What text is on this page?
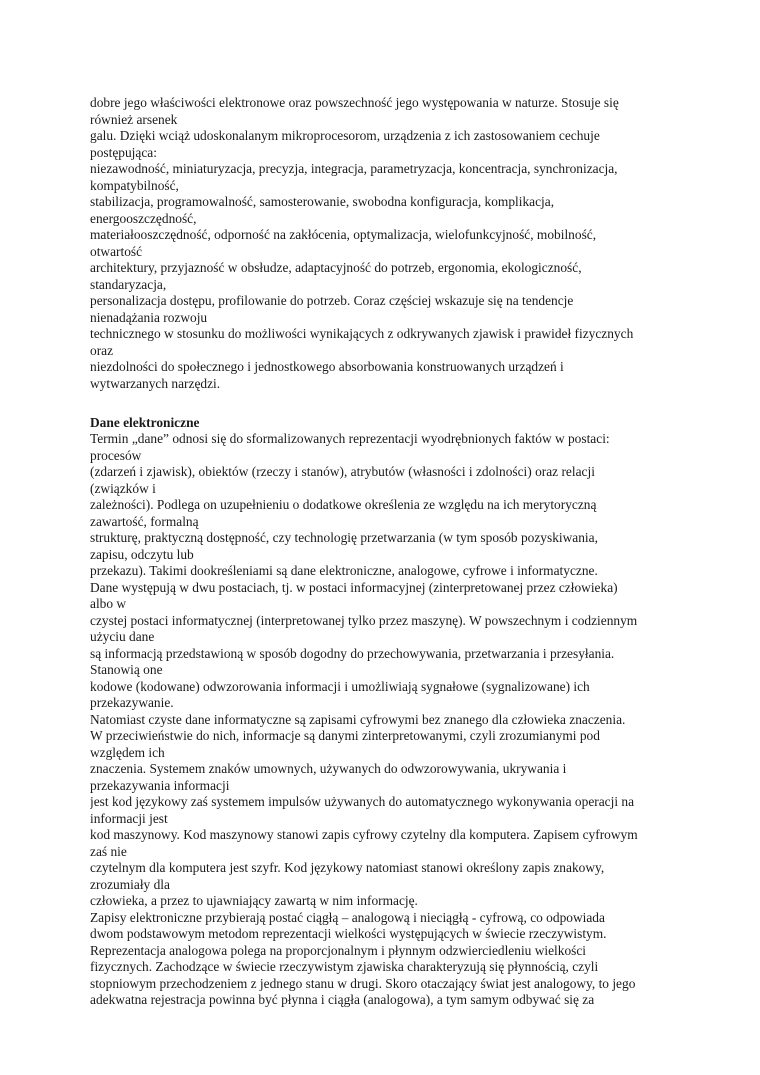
dobre jego właściwości elektronowe oraz powszechność jego występowania w naturze. Stosuje się
również arsenek
galu. Dzięki wciąż udoskonalanym mikroprocesorom, urządzenia z ich zastosowaniem cechuje
postępująca:
niezawodność, miniaturyzacja, precyzja, integracja, parametryzacja, koncentracja, synchronizacja,
kompatybilność,
stabilizacja, programowalność, samosterowanie, swobodna konfiguracja, komplikacja,
energooszczędność,
materiałooszczędność, odporność na zakłócenia, optymalizacja, wielofunkcyjność, mobilność,
otwartość
architektury, przyjazność w obsłudze, adaptacyjność do potrzeb, ergonomia, ekologiczność,
standaryzacja,
personalizacja dostępu, profilowanie do potrzeb. Coraz częściej wskazuje się na tendencje
nienadążania rozwoju
technicznego w stosunku do możliwości wynikających z odkrywanych zjawisk i prawideł fizycznych
oraz
niezdolności do społecznego i jednostkowego absorbowania konstruowanych urządzeń i
wytwarzanych narzędzi.
Dane elektroniczne
Termin „dane” odnosi się do sformalizowanych reprezentacji wyodrębnionych faktów w postaci:
procesów
(zdarzeń i zjawisk), obiektów (rzeczy i stanów), atrybutów (własności i zdolności) oraz relacji
(związków i
zależności). Podlega on uzupełnieniu o dodatkowe określenia ze względu na ich merytoryczną
zawartość, formalną
strukturę, praktyczną dostępność, czy technologię przetwarzania (w tym sposób pozyskiwania,
zapisu, odczytu lub
przekazu). Takimi dookreśleniami są dane elektroniczne, analogowe, cyfrowe i informatyczne.
Dane występują w dwu postaciach, tj. w postaci informacyjnej (zinterpretowanej przez człowieka)
albo w
czystej postaci informatycznej (interpretowanej tylko przez maszynę). W powszechnym i codziennym
użyciu dane
są informacją przedstawioną w sposób dogodny do przechowywania, przetwarzania i przesyłania.
Stanowią one
kodowe (kodowane) odwzorowania informacji i umożliwiają sygnałowe (sygnalizowane) ich
przekazywanie.
Natomiast czyste dane informatyczne są zapisami cyfrowymi bez znanego dla człowieka znaczenia.
W przeciwieństwie do nich, informacje są danymi zinterpretowanymi, czyli zrozumianymi pod
względem ich
znaczenia. Systemem znaków umownych, używanych do odwzorowywania, ukrywania i
przekazywania informacji
jest kod językowy zaś systemem impulsów używanych do automatycznego wykonywania operacji na
informacji jest
kod maszynowy. Kod maszynowy stanowi zapis cyfrowy czytelny dla komputera. Zapisem cyfrowym
zaś nie
czytelnym dla komputera jest szyfr. Kod językowy natomiast stanowi określony zapis znakowy,
zrozumiały dla
człowieka, a przez to ujawniający zawartą w nim informację.
Zapisy elektroniczne przybierają postać ciągłą – analogową i nieciągłą - cyfrową, co odpowiada
dwom podstawowym metodom reprezentacji wielkości występujących w świecie rzeczywistym.
Reprezentacja analogowa polega na proporcjonalnym i płynnym odzwierciedleniu wielkości
fizycznych. Zachodzące w świecie rzeczywistym zjawiska charakteryzują się płynnością, czyli
stopniowym przechodzeniem z jednego stanu w drugi. Skoro otaczający świat jest analogowy, to jego
adekwatna rejestracja powinna być płynna i ciągła (analogowa), a tym samym odbywać się za
